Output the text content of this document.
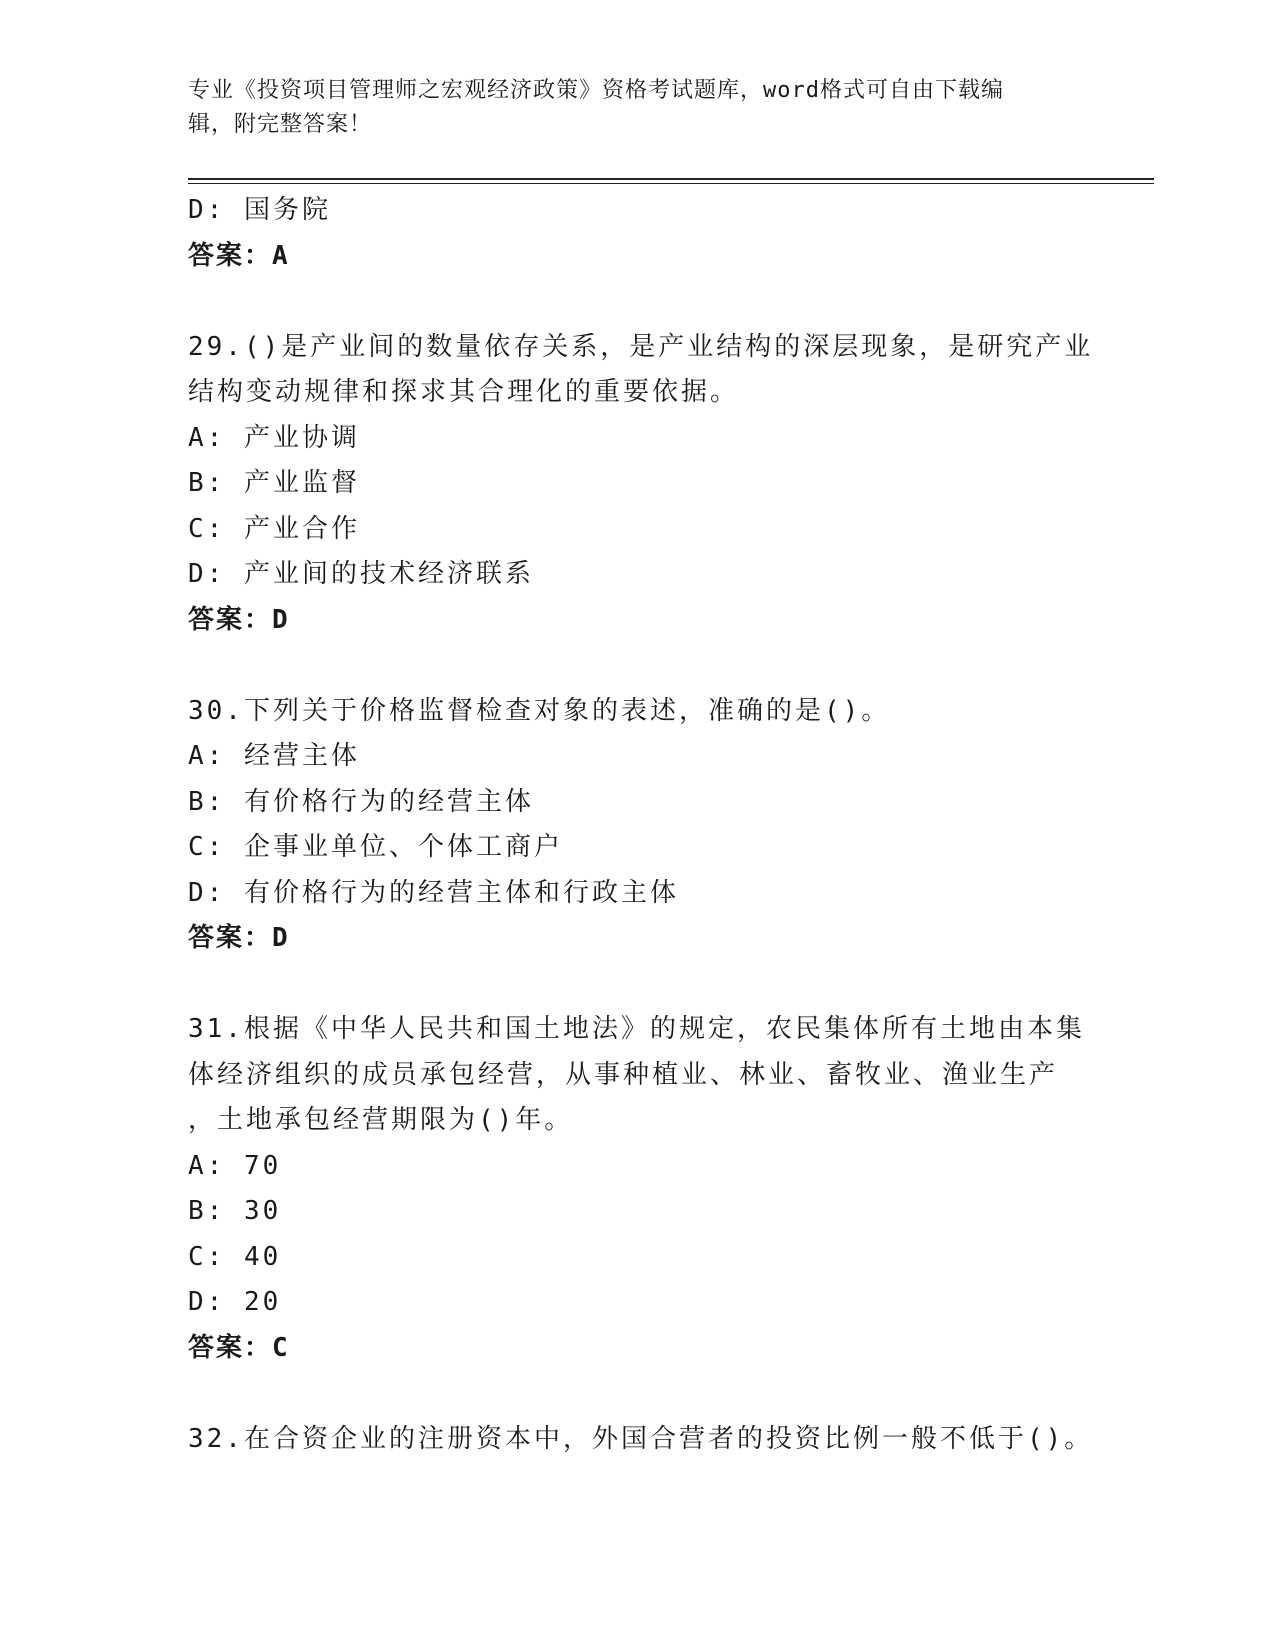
专业《投资项目管理师之宏观经济政策》资格考试题库，word格式可自由下载编
辑，附完整答案！
D: 国务院
答案：A
29.()是产业间的数量依存关系，是产业结构的深层现象，是研究产业
结构变动规律和探求其合理化的重要依据。
A: 产业协调
B: 产业监督
C: 产业合作
D: 产业间的技术经济联系
答案：D
30.下列关于价格监督检查对象的表述，准确的是()。
A: 经营主体
B: 有价格行为的经营主体
C: 企事业单位、个体工商户
D: 有价格行为的经营主体和行政主体
答案：D
31.根据《中华人民共和国土地法》的规定，农民集体所有土地由本集
体经济组织的成员承包经营，从事种植业、林业、畜牧业、渔业生产
，土地承包经营期限为()年。
A: 70
B: 30
C: 40
D: 20
答案：C
32.在合资企业的注册资本中，外国合营者的投资比例一般不低于()。
